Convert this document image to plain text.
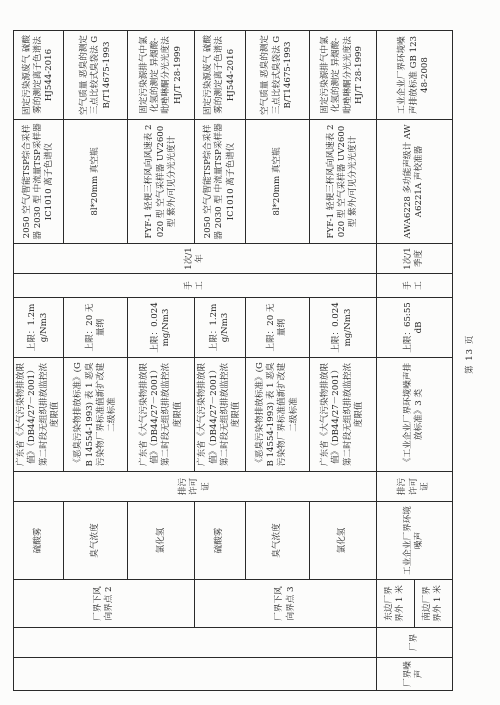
		厂界下风向界点 2	硫酸雾	排污许可证	广东省《大气污染物排放限值》（DB44/27－2001）第二时段无组织排放监控浓度限值	上限：1.2mg/Nm3	手工	1次/1年	2050 空气/智能TSP综合采样器 2030 型 中流量TSP采样器 IC1010 离子色谱仪	固定污染源废气 硫酸雾的测定离子色谱法 HJ544-2016
			臭气浓度		《恶臭污染物排放标准》(GB 14554-1993) 表 1 恶臭污染物厂界标准值新扩改建二级标准	上限：20 无量纲			8l*20mm 真空瓶	空气质量 恶臭的测定 三点比较式臭袋法 GB/T14675-1993
			氯化氢		广东省《大气污染物排放限值》（DB44/27－2001）第二时段无组织排放监控浓度限值	上限：0.024mg/Nm3			FYF-1 轻便三杯风向风速表 2020 型 空气采样器 UV2600 型 紫外/可见分光光度计	固定污染源排气中氯化氢的测定 异烟酸-吡唑啉酮分光光度法 HJ/T 28-1999
		厂界下风向界点 3	硫酸雾		广东省《大气污染物排放限值》（DB44/27－2001）第二时段无组织排放监控浓度限值	上限：1.2mg/Nm3			2050 空气/智能TSP综合采样器 2030 型 中流量TSP采样器 IC1010 离子色谱仪	固定污染源废气 硫酸雾的测定离子色谱法 HJ544-2016
			臭气浓度		《恶臭污染物排放标准》(GB 14554-1993) 表 1 恶臭污染物厂界标准值新扩改建二级标准	上限：20 无量纲			8l*20mm 真空瓶	空气质量 恶臭的测定 三点比较式臭袋法 GB/T14675-1993
			氯化氢		广东省《大气污染物排放限值》（DB44/27－2001）第二时段无组织排放监控浓度限值	上限：0.024mg/Nm3			FYF-1 轻便三杯风向风速表 2020 型 空气采样器 UV2600 型 紫外/可见分光光度计	固定污染源排气中氯化氢的测定 异烟酸-吡唑啉酮分光光度法 HJ/T 28-1999
厂界噪声	厂界	东边厂界界外 1 米	工业企业厂界环境噪声	排污许可证	《工业企业厂界环境噪声排放标准》3 类	上限：65:55dB	手工	1次/1季度	AWA6228 多功能声级计 AWA6221A 声校准器	工业企业厂界环境噪声排放标准 GB 12348-2008
		南边厂界界外 1 米								
第 13 页
